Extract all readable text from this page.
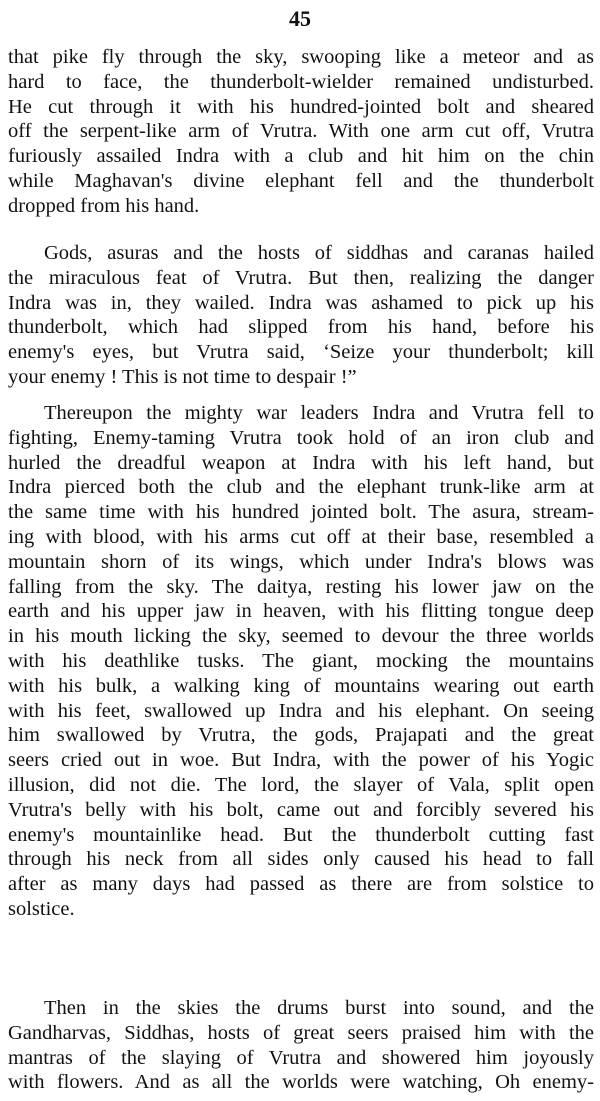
45
that pike fly through the sky, swooping like a meteor and as
hard to face, the thunderbolt-wielder remained undisturbed.
He cut through it with his hundred-jointed bolt and sheared
off the serpent-like arm of Vrutra. With one arm cut off, Vrutra
furiously assailed Indra with a club and hit him on the chin
while Maghavan's divine elephant fell and the thunderbolt
dropped from his hand.
Gods, asuras and the hosts of siddhas and caranas hailed
the miraculous feat of Vrutra. But then, realizing the danger
Indra was in, they wailed. Indra was ashamed to pick up his
thunderbolt, which had slipped from his hand, before his
enemy's eyes, but Vrutra said, ‘Seize your thunderbolt; kill
your enemy ! This is not time to despair !”
Thereupon the mighty war leaders Indra and Vrutra fell to
fighting, Enemy-taming Vrutra took hold of an iron club and
hurled the dreadful weapon at Indra with his left hand, but
Indra pierced both the club and the elephant trunk-like arm at
the same time with his hundred jointed bolt. The asura, stream-
ing with blood, with his arms cut off at their base, resembled a
mountain shorn of its wings, which under Indra's blows was
falling from the sky. The daitya, resting his lower jaw on the
earth and his upper jaw in heaven, with his flitting tongue deep
in his mouth licking the sky, seemed to devour the three worlds
with his deathlike tusks. The giant, mocking the mountains
with his bulk, a walking king of mountains wearing out earth
with his feet, swallowed up Indra and his elephant. On seeing
him swallowed by Vrutra, the gods, Prajapati and the great
seers cried out in woe. But Indra, with the power of his Yogic
illusion, did not die. The lord, the slayer of Vala, split open
Vrutra's belly with his bolt, came out and forcibly severed his
enemy's mountainlike head. But the thunderbolt cutting fast
through his neck from all sides only caused his head to fall
after as many days had passed as there are from solstice to
solstice.
Then in the skies the drums burst into sound, and the
Gandharvas, Siddhas, hosts of great seers praised him with the
mantras of the slaying of Vrutra and showered him joyously
with flowers. And as all the worlds were watching, Oh enemy-
